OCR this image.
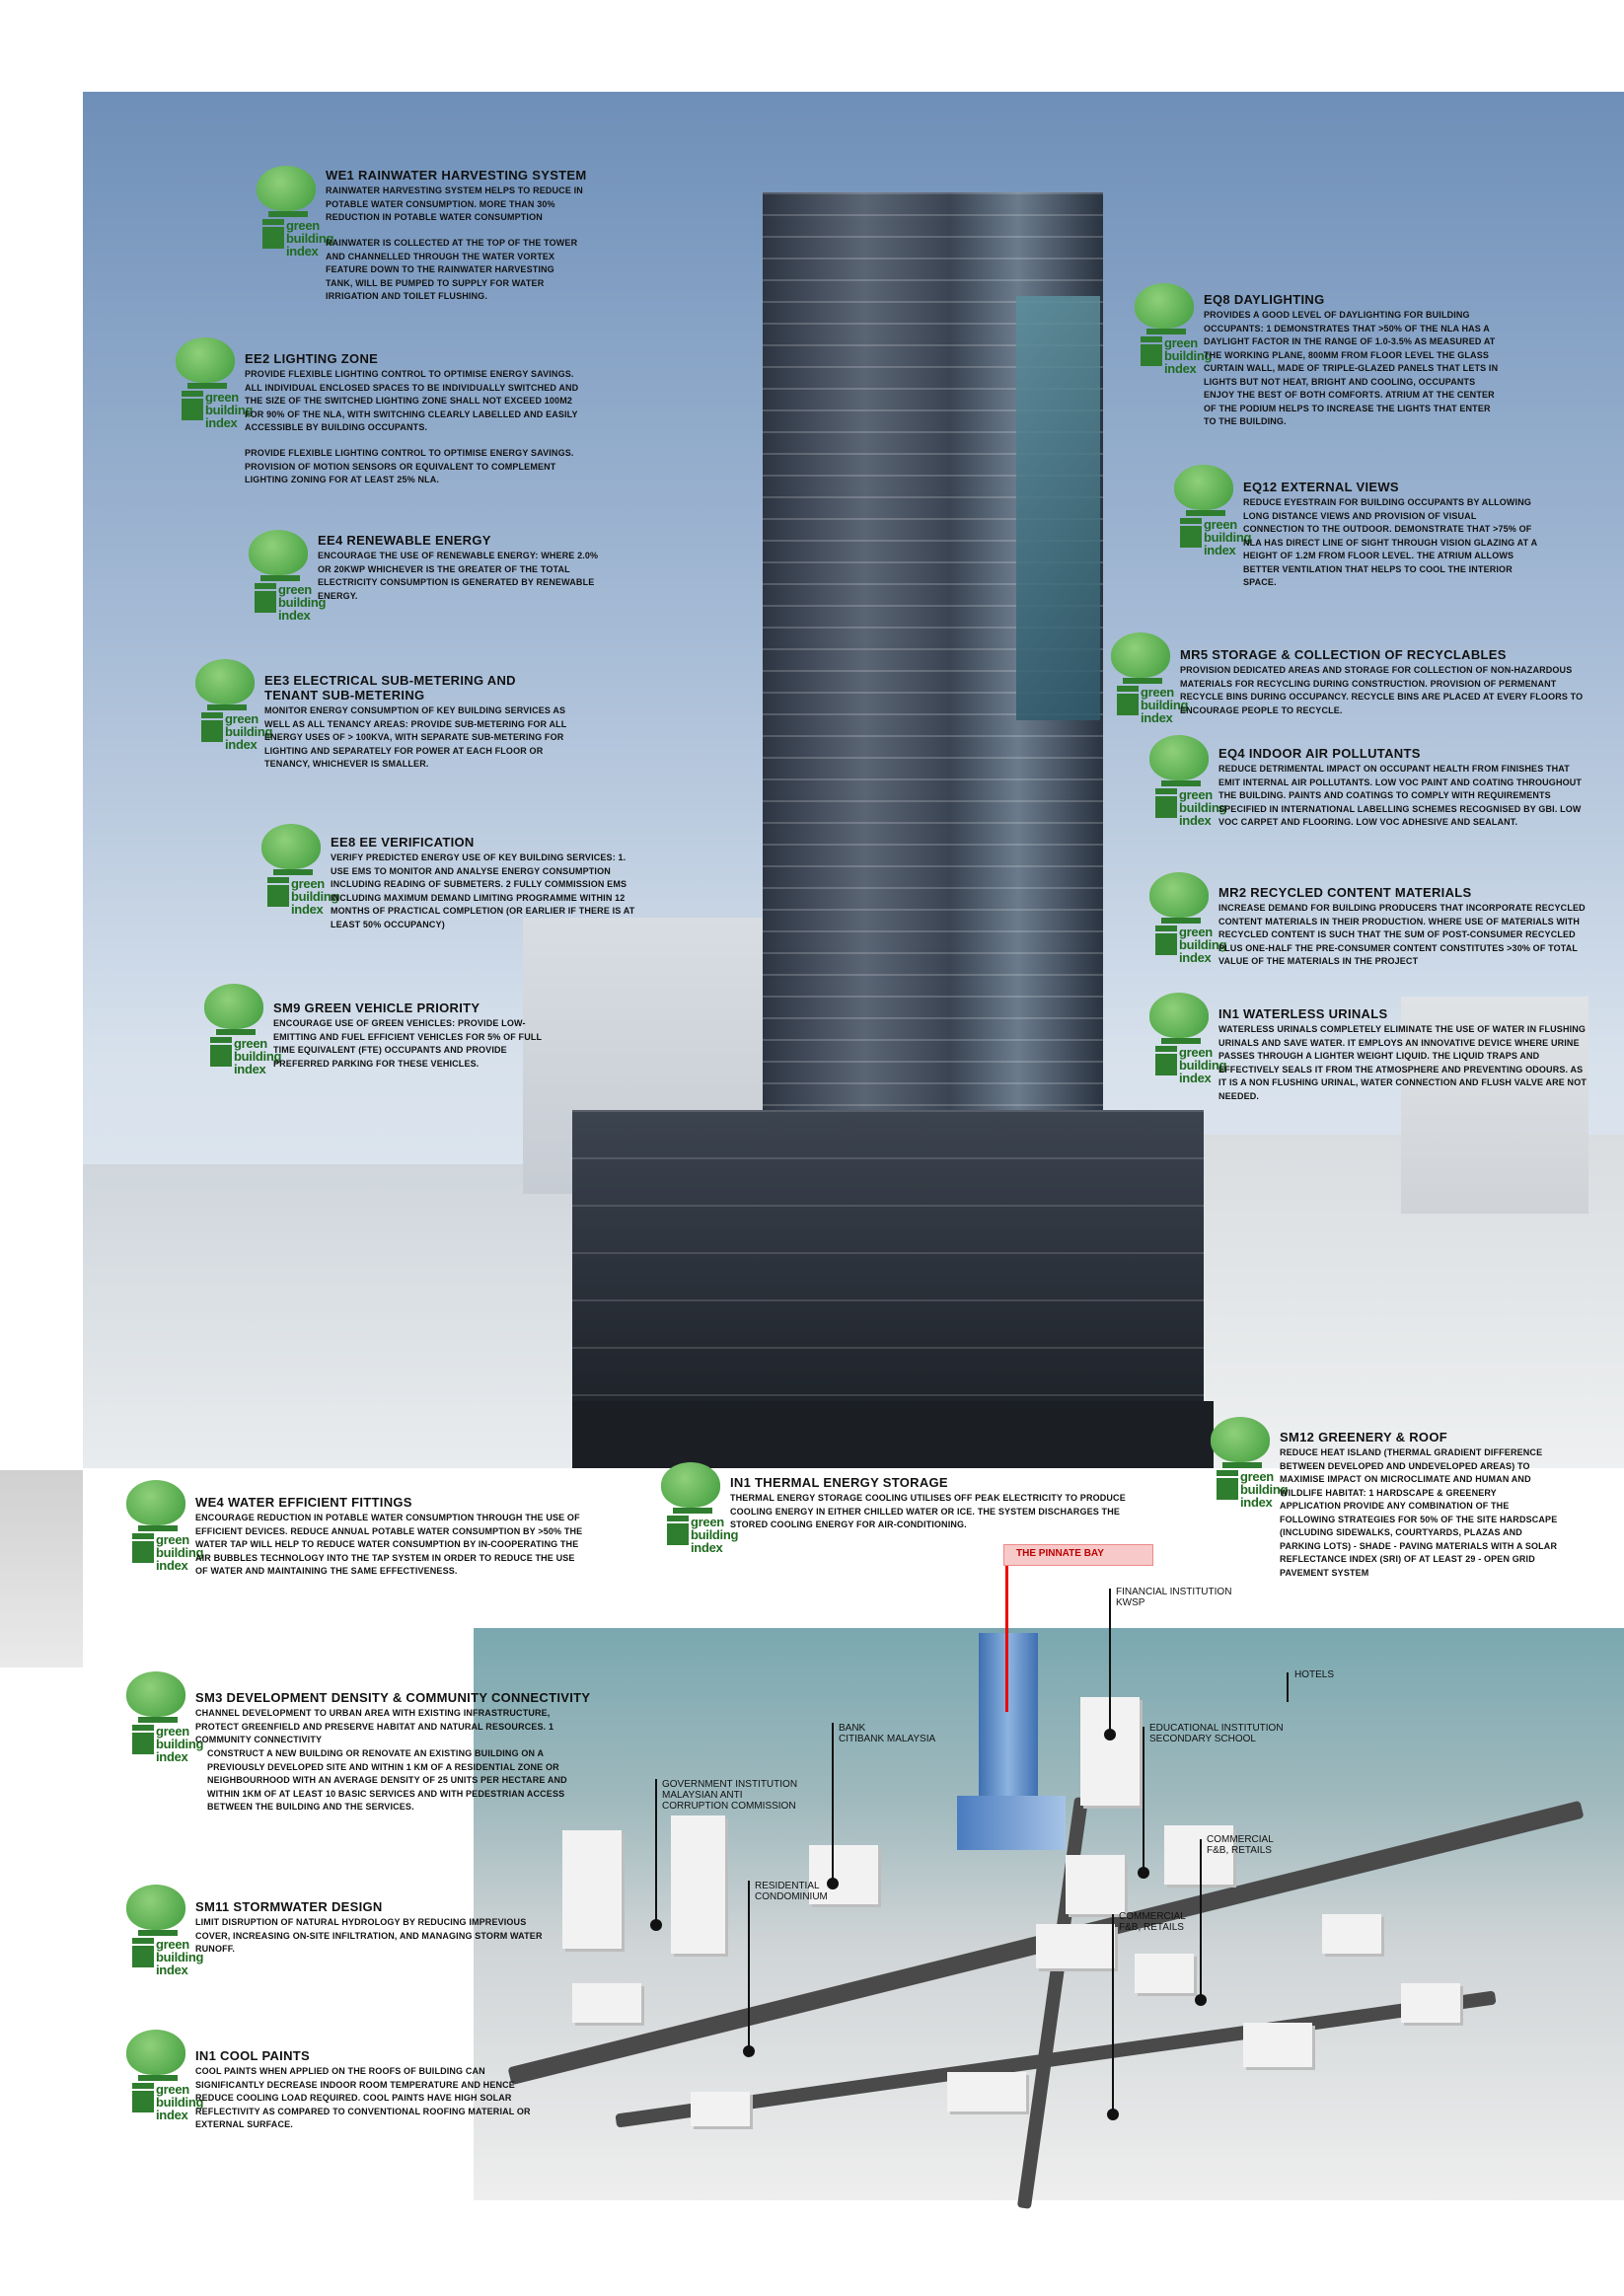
THE PINNATE BAY
FINANCIAL INSTITUTION
KWSP
HOTELS
EDUCATIONAL INSTITUTION
SECONDARY SCHOOL
BANK
CITIBANK MALAYSIA
GOVERNMENT INSTITUTION
MALAYSIAN ANTI
CORRUPTION COMMISSION
RESIDENTIAL
CONDOMINIUM
COMMERCIAL
F&B, RETAILS
COMMERCIAL
F&B, RETAILS
green
building
index
WE1 RAINWATER HARVESTING SYSTEM
RAINWATER HARVESTING SYSTEM HELPS TO REDUCE IN POTABLE WATER CONSUMPTION. MORE THAN 30% REDUCTION IN POTABLE WATER CONSUMPTION
RAINWATER IS COLLECTED AT THE TOP OF THE TOWER AND CHANNELLED THROUGH THE WATER VORTEX FEATURE DOWN TO THE RAINWATER HARVESTING TANK, WILL BE PUMPED TO SUPPLY FOR WATER IRRIGATION AND TOILET FLUSHING.
green
building
index
EE2 LIGHTING ZONE
PROVIDE FLEXIBLE LIGHTING CONTROL TO OPTIMISE ENERGY SAVINGS. ALL INDIVIDUAL ENCLOSED SPACES TO BE INDIVIDUALLY SWITCHED AND THE SIZE OF THE SWITCHED LIGHTING ZONE SHALL NOT EXCEED 100M2 FOR 90% OF THE NLA, WITH SWITCHING CLEARLY LABELLED AND EASILY ACCESSIBLE BY BUILDING OCCUPANTS.
PROVIDE FLEXIBLE LIGHTING CONTROL TO OPTIMISE ENERGY SAVINGS. PROVISION OF MOTION SENSORS OR EQUIVALENT TO COMPLEMENT LIGHTING ZONING FOR AT LEAST 25% NLA.
green
building
index
EE4 RENEWABLE ENERGY
ENCOURAGE THE USE OF RENEWABLE ENERGY: WHERE 2.0% OR 20KWP WHICHEVER IS THE GREATER OF THE TOTAL ELECTRICITY CONSUMPTION IS GENERATED BY RENEWABLE ENERGY.
green
building
index
EE3 ELECTRICAL SUB-METERING AND
TENANT SUB-METERING
MONITOR ENERGY CONSUMPTION OF KEY BUILDING SERVICES AS WELL AS ALL TENANCY AREAS: PROVIDE SUB-METERING FOR ALL ENERGY USES OF > 100KVA, WITH SEPARATE SUB-METERING FOR LIGHTING AND SEPARATELY FOR POWER AT EACH FLOOR OR TENANCY, WHICHEVER IS SMALLER.
green
building
index
EE8 EE VERIFICATION
VERIFY PREDICTED ENERGY USE OF KEY BUILDING SERVICES: 1. USE EMS TO MONITOR AND ANALYSE ENERGY CONSUMPTION INCLUDING READING OF SUBMETERS. 2 FULLY COMMISSION EMS INCLUDING MAXIMUM DEMAND LIMITING PROGRAMME WITHIN 12 MONTHS OF PRACTICAL COMPLETION (OR EARLIER IF THERE IS AT LEAST 50% OCCUPANCY)
green
building
index
SM9 GREEN VEHICLE PRIORITY
ENCOURAGE USE OF GREEN VEHICLES: PROVIDE LOW-EMITTING AND FUEL EFFICIENT VEHICLES FOR 5% OF FULL TIME EQUIVALENT (FTE) OCCUPANTS AND PROVIDE PREFERRED PARKING FOR THESE VEHICLES.
green
building
index
EQ8 DAYLIGHTING
PROVIDES A GOOD LEVEL OF DAYLIGHTING FOR BUILDING OCCUPANTS: 1 DEMONSTRATES THAT >50% OF THE NLA HAS A DAYLIGHT FACTOR IN THE RANGE OF 1.0-3.5% AS MEASURED AT THE WORKING PLANE, 800MM FROM FLOOR LEVEL THE GLASS CURTAIN WALL, MADE OF TRIPLE-GLAZED PANELS THAT LETS IN LIGHTS BUT NOT HEAT, BRIGHT AND COOLING, OCCUPANTS ENJOY THE BEST OF BOTH COMFORTS. ATRIUM AT THE CENTER OF THE PODIUM HELPS TO INCREASE THE LIGHTS THAT ENTER TO THE BUILDING.
green
building
index
EQ12 EXTERNAL VIEWS
REDUCE EYESTRAIN FOR BUILDING OCCUPANTS BY ALLOWING LONG DISTANCE VIEWS AND PROVISION OF VISUAL CONNECTION TO THE OUTDOOR. DEMONSTRATE THAT >75% OF NLA HAS DIRECT LINE OF SIGHT THROUGH VISION GLAZING AT A HEIGHT OF 1.2M FROM FLOOR LEVEL. THE ATRIUM ALLOWS BETTER VENTILATION THAT HELPS TO COOL THE INTERIOR SPACE.
green
building
index
MR5 STORAGE & COLLECTION OF RECYCLABLES
PROVISION DEDICATED AREAS AND STORAGE FOR COLLECTION OF NON-HAZARDOUS MATERIALS FOR RECYCLING DURING CONSTRUCTION. PROVISION OF PERMENANT RECYCLE BINS DURING OCCUPANCY. RECYCLE BINS ARE PLACED AT EVERY FLOORS TO ENCOURAGE PEOPLE TO RECYCLE.
green
building
index
EQ4 INDOOR AIR POLLUTANTS
REDUCE DETRIMENTAL IMPACT ON OCCUPANT HEALTH FROM FINISHES THAT EMIT INTERNAL AIR POLLUTANTS. LOW VOC PAINT AND COATING THROUGHOUT THE BUILDING. PAINTS AND COATINGS TO COMPLY WITH REQUIREMENTS SPECIFIED IN INTERNATIONAL LABELLING SCHEMES RECOGNISED BY GBI. LOW VOC CARPET AND FLOORING. LOW VOC ADHESIVE AND SEALANT.
green
building
index
MR2 RECYCLED CONTENT MATERIALS
INCREASE DEMAND FOR BUILDING PRODUCERS THAT INCORPORATE RECYCLED CONTENT MATERIALS IN THEIR PRODUCTION. WHERE USE OF MATERIALS WITH RECYCLED CONTENT IS SUCH THAT THE SUM OF POST-CONSUMER RECYCLED PLUS ONE-HALF THE PRE-CONSUMER CONTENT CONSTITUTES >30% OF TOTAL VALUE OF THE MATERIALS IN THE PROJECT
green
building
index
IN1 WATERLESS URINALS
WATERLESS URINALS COMPLETELY ELIMINATE THE USE OF WATER IN FLUSHING URINALS AND SAVE WATER. IT EMPLOYS AN INNOVATIVE DEVICE WHERE URINE PASSES THROUGH A LIGHTER WEIGHT LIQUID. THE LIQUID TRAPS AND EFFECTIVELY SEALS IT FROM THE ATMOSPHERE AND PREVENTING ODOURS. AS IT IS A NON FLUSHING URINAL, WATER CONNECTION AND FLUSH VALVE ARE NOT NEEDED.
green
building
index
SM12 GREENERY & ROOF
REDUCE HEAT ISLAND (THERMAL GRADIENT DIFFERENCE BETWEEN DEVELOPED AND UNDEVELOPED AREAS) TO MAXIMISE IMPACT ON MICROCLIMATE AND HUMAN AND WILDLIFE HABITAT: 1 HARDSCAPE & GREENERY APPLICATION PROVIDE ANY COMBINATION OF THE FOLLOWING STRATEGIES FOR 50% OF THE SITE HARDSCAPE (INCLUDING SIDEWALKS, COURTYARDS, PLAZAS AND PARKING LOTS) - SHADE - PAVING MATERIALS WITH A SOLAR REFLECTANCE INDEX (SRI) OF AT LEAST 29 - OPEN GRID PAVEMENT SYSTEM
green
building
index
IN1 THERMAL ENERGY STORAGE
THERMAL ENERGY STORAGE COOLING UTILISES OFF PEAK ELECTRICITY TO PRODUCE COOLING ENERGY IN EITHER CHILLED WATER OR ICE. THE SYSTEM DISCHARGES THE STORED COOLING ENERGY FOR AIR-CONDITIONING.
green
building
index
WE4 WATER EFFICIENT FITTINGS
ENCOURAGE REDUCTION IN POTABLE WATER CONSUMPTION THROUGH THE USE OF EFFICIENT DEVICES. REDUCE ANNUAL POTABLE WATER CONSUMPTION BY >50% THE WATER TAP WILL HELP TO REDUCE WATER CONSUMPTION BY IN-COOPERATING THE AIR BUBBLES TECHNOLOGY INTO THE TAP SYSTEM IN ORDER TO REDUCE THE USE OF WATER AND MAINTAINING THE SAME EFFECTIVENESS.
green
building
index
SM3 DEVELOPMENT DENSITY & COMMUNITY CONNECTIVITY
CHANNEL DEVELOPMENT TO URBAN AREA WITH EXISTING INFRASTRUCTURE, PROTECT GREENFIELD AND PRESERVE HABITAT AND NATURAL RESOURCES. 1 COMMUNITY CONNECTIVITY
CONSTRUCT A NEW BUILDING OR RENOVATE AN EXISTING BUILDING ON A PREVIOUSLY DEVELOPED SITE AND WITHIN 1 KM OF A RESIDENTIAL ZONE OR NEIGHBOURHOOD WITH AN AVERAGE DENSITY OF 25 UNITS PER HECTARE AND WITHIN 1KM OF AT LEAST 10 BASIC SERVICES AND WITH PEDESTRIAN ACCESS BETWEEN THE BUILDING AND THE SERVICES.
green
building
index
SM11 STORMWATER DESIGN
LIMIT DISRUPTION OF NATURAL HYDROLOGY BY REDUCING IMPREVIOUS COVER, INCREASING ON-SITE INFILTRATION, AND MANAGING STORM WATER RUNOFF.
green
building
index
IN1 COOL PAINTS
COOL PAINTS WHEN APPLIED ON THE ROOFS OF BUILDING CAN SIGNIFICANTLY DECREASE INDOOR ROOM TEMPERATURE AND HENCE REDUCE COOLING LOAD REQUIRED. COOL PAINTS HAVE HIGH SOLAR REFLECTIVITY AS COMPARED TO CONVENTIONAL ROOFING MATERIAL OR EXTERNAL SURFACE.
